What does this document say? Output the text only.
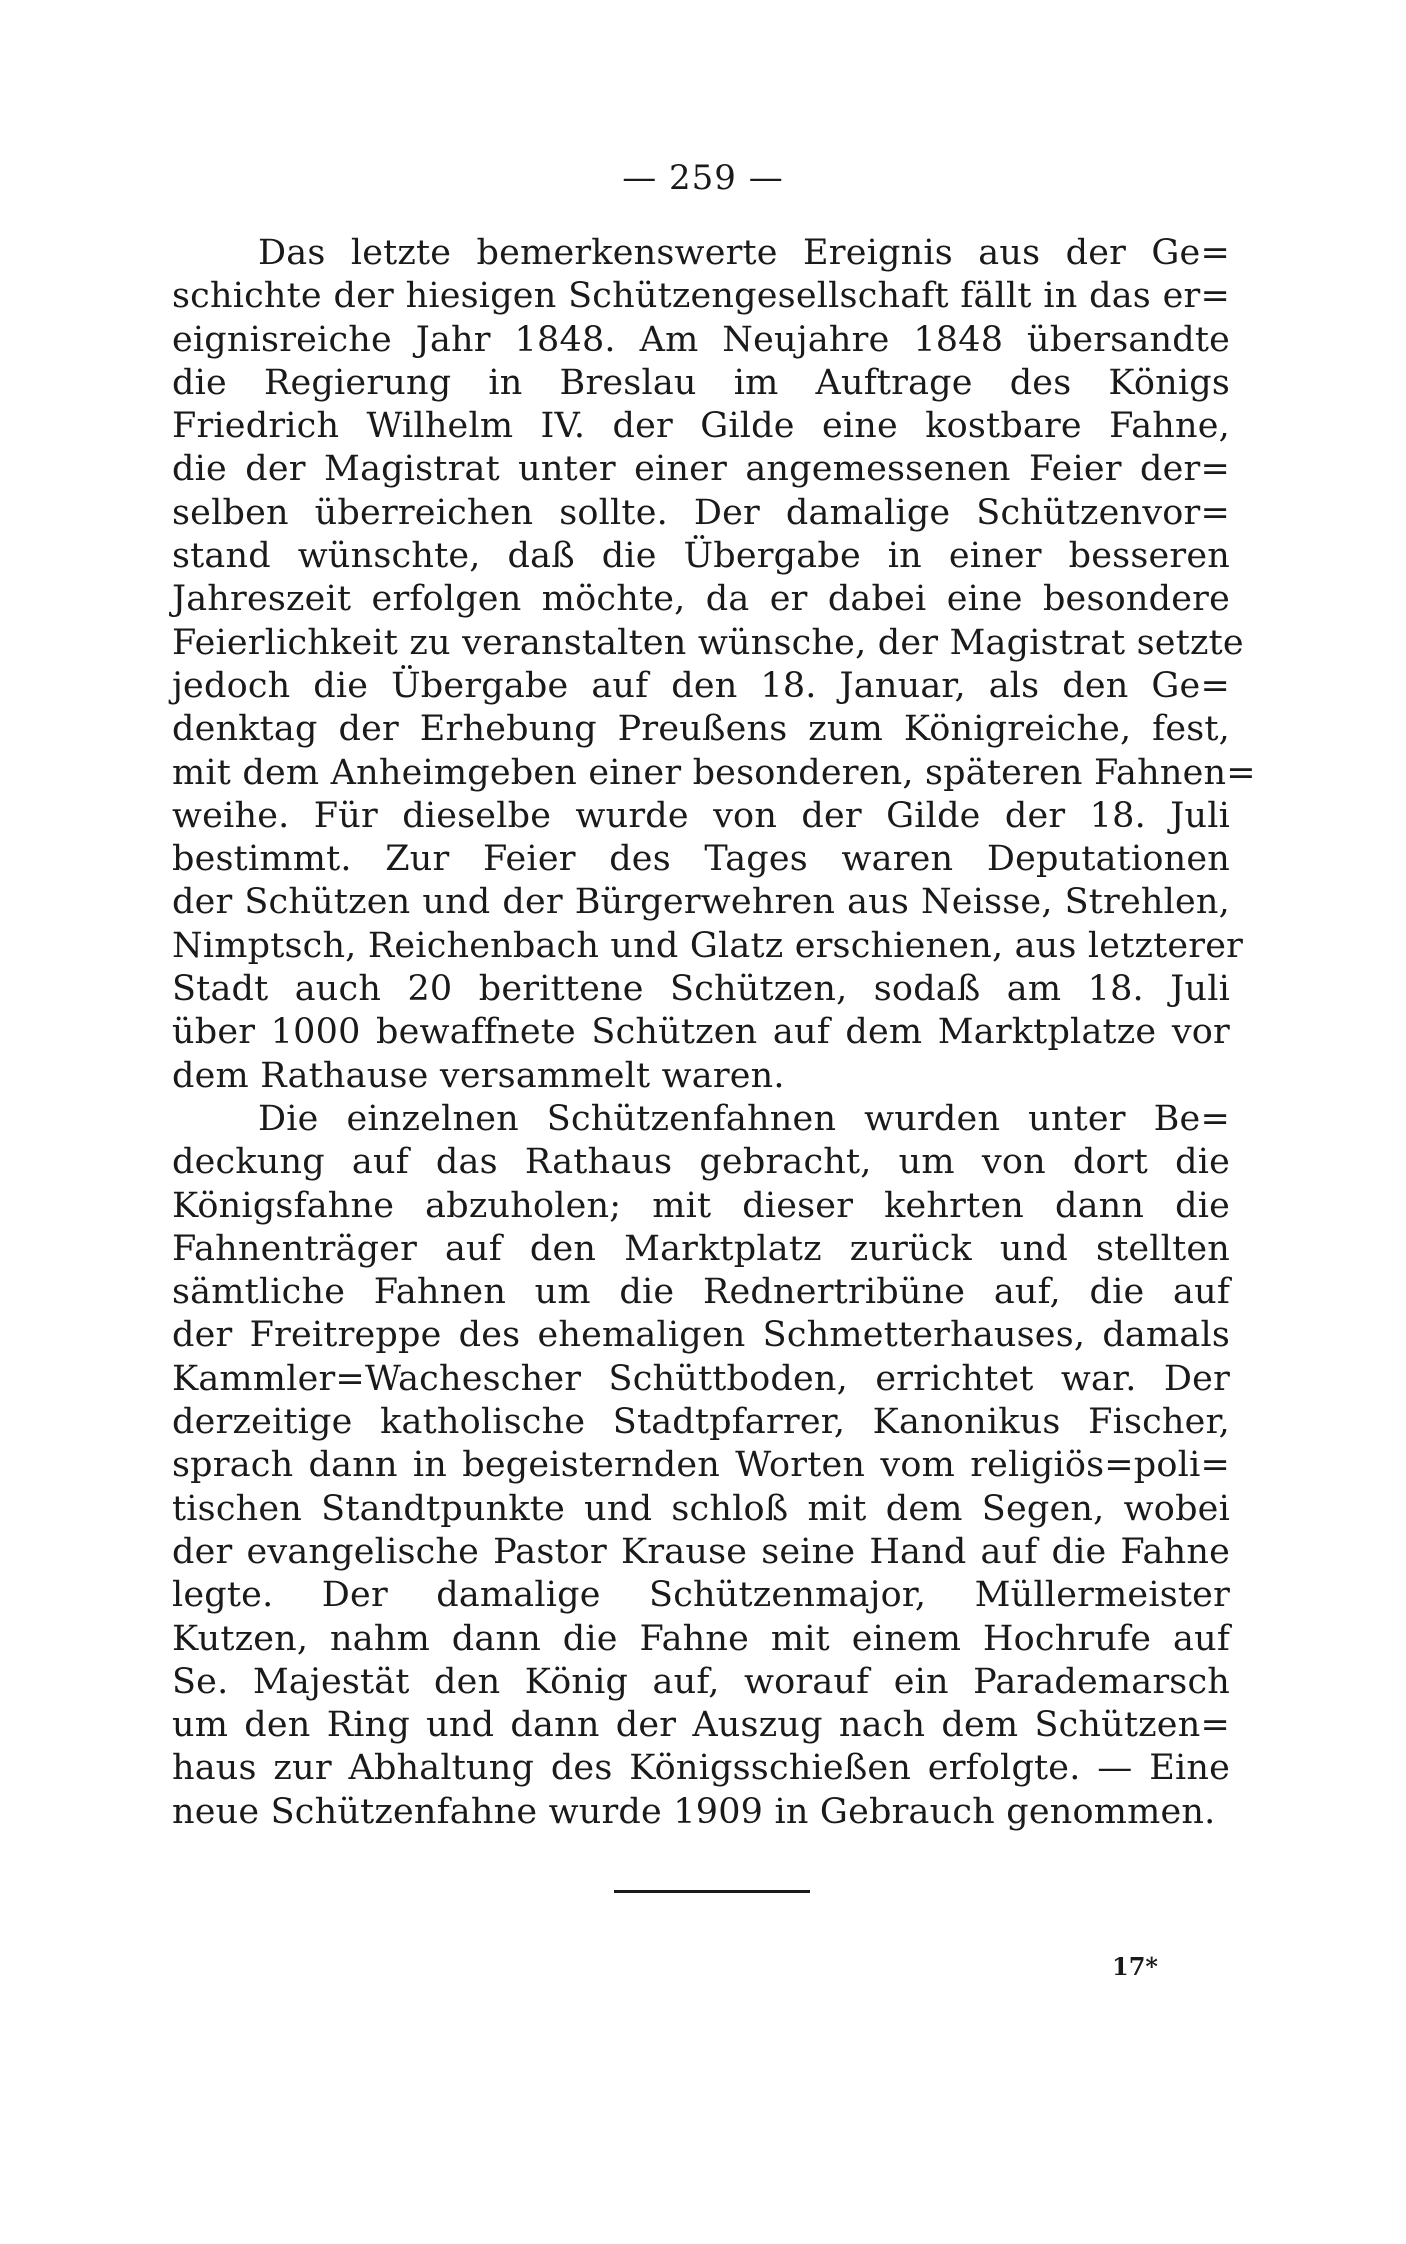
— 259 —

Das letzte bemerkenswerte Ereignis aus der Ge=
schichte der hiesigen Schützengesellschaft fällt in das er=
eignisreiche Jahr 1848. Am Neujahre 1848 übersandte
die Regierung in Breslau im Auftrage des Königs
Friedrich Wilhelm IV. der Gilde eine kostbare Fahne,
die der Magistrat unter einer angemessenen Feier der=
selben überreichen sollte. Der damalige Schützenvor=
stand wünschte, daß die Übergabe in einer besseren
Jahreszeit erfolgen möchte, da er dabei eine besondere
Feierlichkeit zu veranstalten wünsche, der Magistrat setzte
jedoch die Übergabe auf den 18. Januar, als den Ge=
denktag der Erhebung Preußens zum Königreiche, fest,
mit dem Anheimgeben einer besonderen, späteren Fahnen=
weihe. Für dieselbe wurde von der Gilde der 18. Juli
bestimmt. Zur Feier des Tages waren Deputationen
der Schützen und der Bürgerwehren aus Neisse, Strehlen,
Nimptsch, Reichenbach und Glatz erschienen, aus letzterer
Stadt auch 20 berittene Schützen, sodaß am 18. Juli
über 1000 bewaffnete Schützen auf dem Marktplatze vor
dem Rathause versammelt waren.

Die einzelnen Schützenfahnen wurden unter Be=
deckung auf das Rathaus gebracht, um von dort die
Königsfahne abzuholen; mit dieser kehrten dann die
Fahnenträger auf den Marktplatz zurück und stellten
sämtliche Fahnen um die Rednertribüne auf, die auf
der Freitreppe des ehemaligen Schmetterhauses, damals
Kammler=Wachescher Schüttboden, errichtet war. Der
derzeitige katholische Stadtpfarrer, Kanonikus Fischer,
sprach dann in begeisternden Worten vom religiös=poli=
tischen Standtpunkte und schloß mit dem Segen, wobei
der evangelische Pastor Krause seine Hand auf die Fahne
legte. Der damalige Schützenmajor, Müllermeister
Kutzen, nahm dann die Fahne mit einem Hochrufe auf
Se. Majestät den König auf, worauf ein Parademarsch
um den Ring und dann der Auszug nach dem Schützen=
haus zur Abhaltung des Königsschießen erfolgte. — Eine
neue Schützenfahne wurde 1909 in Gebrauch genommen.

17*
